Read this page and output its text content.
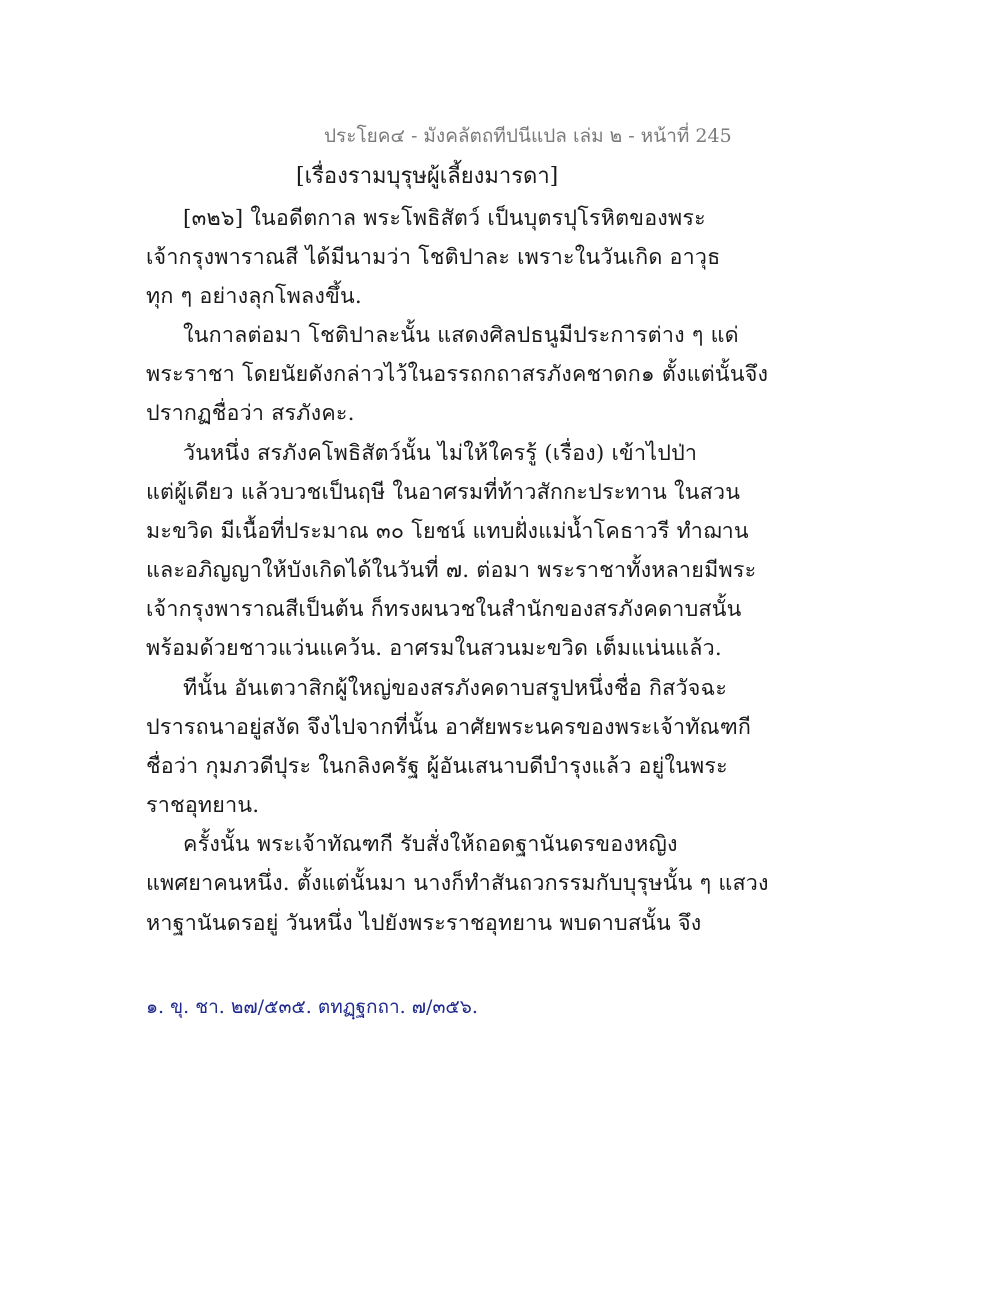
ประโยค๔ - มังคลัตถทีปนีแปล เล่ม ๒ - หน้าที่ 245
[เรื่องรามบุรุษผู้เลี้ยงมารดา]
[๓๒๖] ในอดีตกาล พระโพธิสัตว์ เป็นบุตรปุโรหิตของพระ
เจ้ากรุงพาราณสี ได้มีนามว่า โชติปาละ เพราะในวันเกิด อาวุธ
ทุก ๆ อย่างลุกโพลงขึ้น.
ในกาลต่อมา โชติปาละนั้น แสดงศิลปธนูมีประการต่าง ๆ แด่
พระราชา โดยนัยดังกล่าวไว้ในอรรถกถาสรภังคชาดก๑ ตั้งแต่นั้นจึง
ปรากฏชื่อว่า สรภังคะ.
วันหนึ่ง สรภังคโพธิสัตว์นั้น ไม่ให้ใครรู้ (เรื่อง) เข้าไปป่า
แต่ผู้เดียว แล้วบวชเป็นฤษี ในอาศรมที่ท้าวสักกะประทาน ในสวน
มะขวิด มีเนื้อที่ประมาณ ๓๐ โยชน์ แทบฝั่งแม่น้ำโคธาวรี ทำฌาน
และอภิญญาให้บังเกิดได้ในวันที่ ๗. ต่อมา พระราชาทั้งหลายมีพระ
เจ้ากรุงพาราณสีเป็นต้น ก็ทรงผนวชในสำนักของสรภังคดาบสนั้น
พร้อมด้วยชาวแว่นแคว้น. อาศรมในสวนมะขวิด เต็มแน่นแล้ว.
ทีนั้น อันเตวาสิกผู้ใหญ่ของสรภังคดาบสรูปหนึ่งชื่อ กิสวัจฉะ
ปรารถนาอยู่สงัด จึงไปจากที่นั้น อาศัยพระนครของพระเจ้าทัณฑกี
ชื่อว่า กุมภวดีปุระ ในกลิงครัฐ ผู้อันเสนาบดีบำรุงแล้ว อยู่ในพระ
ราชอุทยาน.
ครั้งนั้น พระเจ้าทัณฑกี รับสั่งให้ถอดฐานันดรของหญิง
แพศยาคนหนึ่ง. ตั้งแต่นั้นมา นางก็ทำสันถวกรรมกับบุรุษนั้น ๆ แสวง
หาฐานันดรอยู่ วันหนึ่ง ไปยังพระราชอุทยาน พบดาบสนั้น จึง
๑. ขุ. ชา. ๒๗/๕๓๕. ตทฏฺฐกถา. ๗/๓๕๖.
